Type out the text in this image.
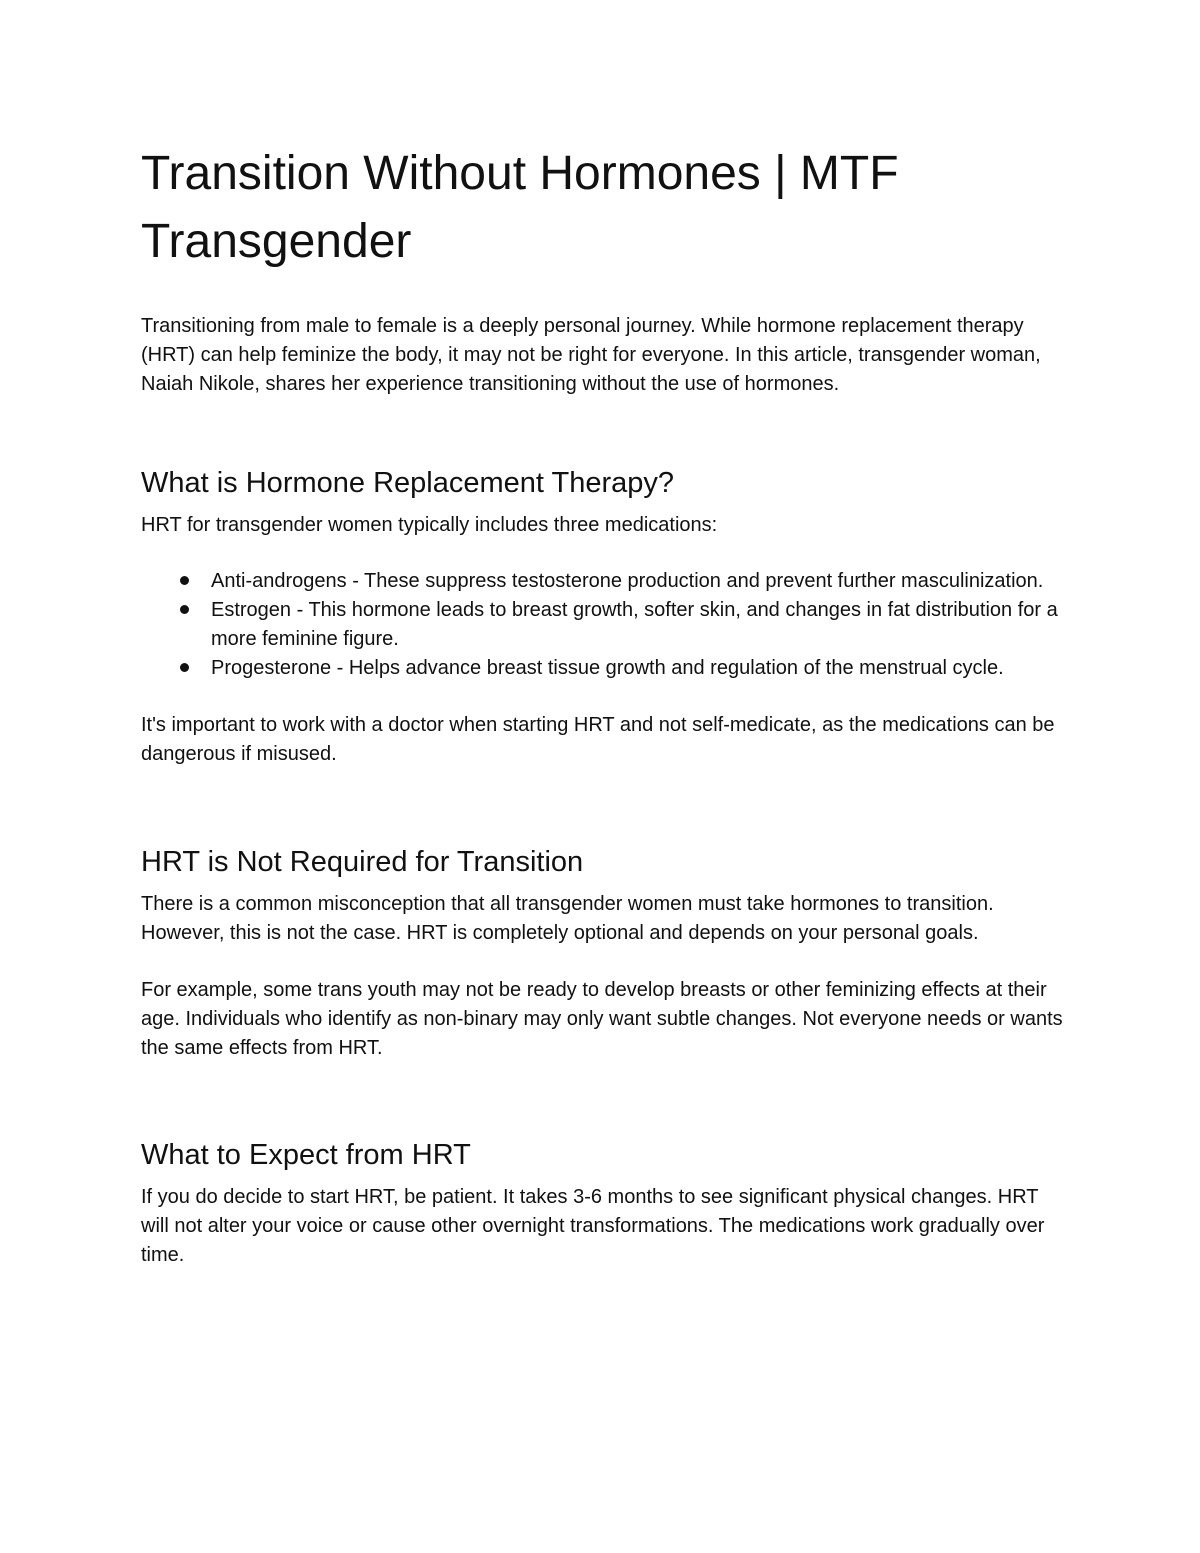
Transition Without Hormones | MTF Transgender

Transitioning from male to female is a deeply personal journey. While hormone replacement therapy (HRT) can help feminize the body, it may not be right for everyone. In this article, transgender woman, Naiah Nikole, shares her experience transitioning without the use of hormones.

What is Hormone Replacement Therapy?

HRT for transgender women typically includes three medications:

Anti-androgens - These suppress testosterone production and prevent further masculinization.
Estrogen - This hormone leads to breast growth, softer skin, and changes in fat distribution for a more feminine figure.
Progesterone - Helps advance breast tissue growth and regulation of the menstrual cycle.

It's important to work with a doctor when starting HRT and not self-medicate, as the medications can be dangerous if misused.

HRT is Not Required for Transition

There is a common misconception that all transgender women must take hormones to transition. However, this is not the case. HRT is completely optional and depends on your personal goals.

For example, some trans youth may not be ready to develop breasts or other feminizing effects at their age. Individuals who identify as non-binary may only want subtle changes. Not everyone needs or wants the same effects from HRT.

What to Expect from HRT

If you do decide to start HRT, be patient. It takes 3-6 months to see significant physical changes. HRT will not alter your voice or cause other overnight transformations. The medications work gradually over time.
